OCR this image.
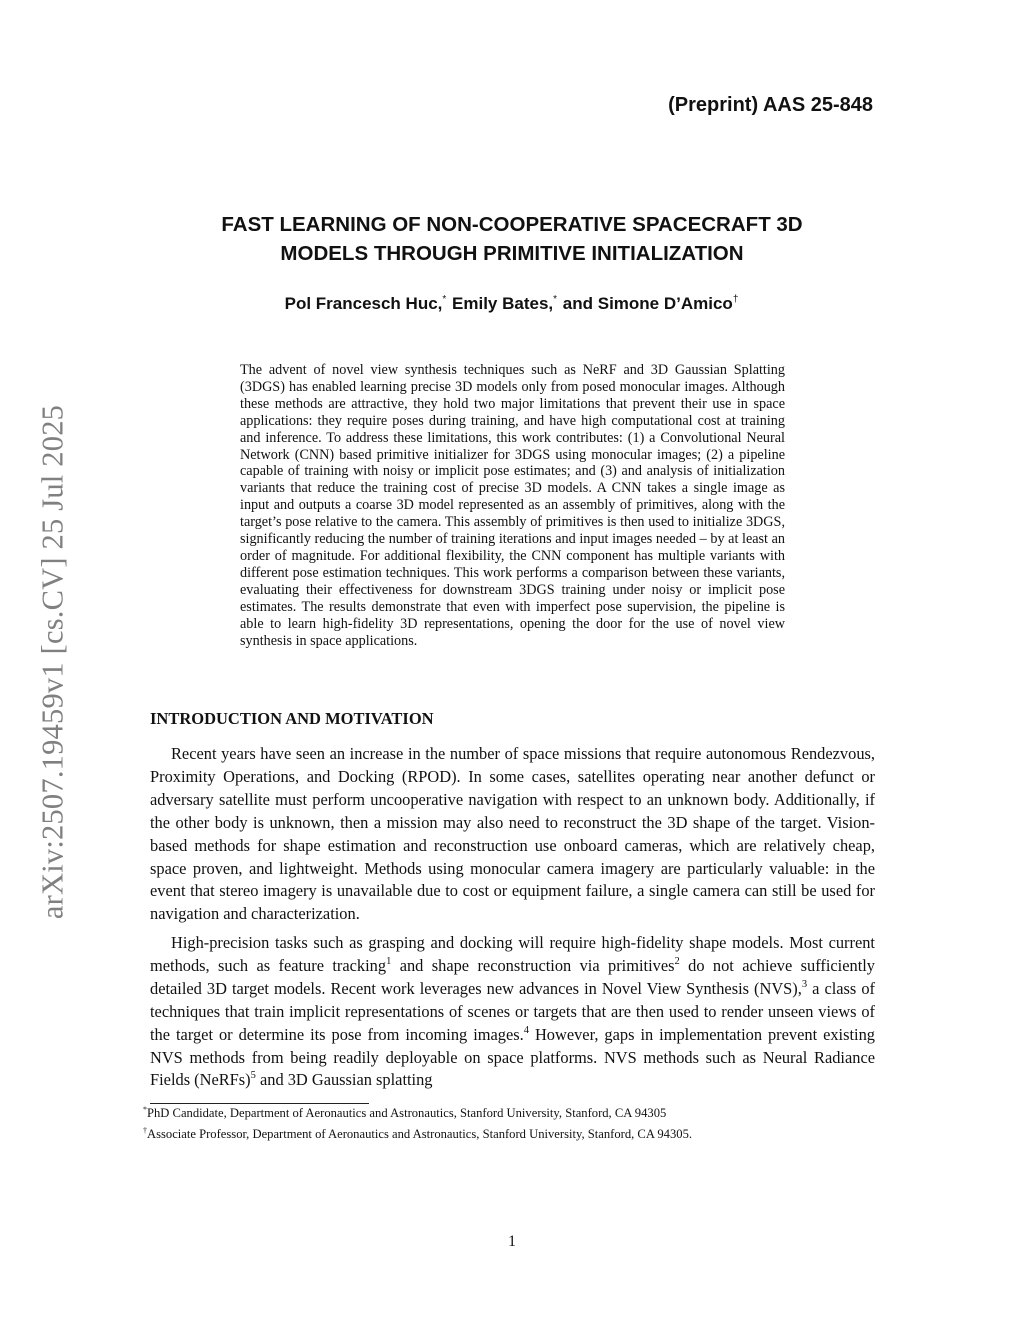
(Preprint) AAS 25-848
arXiv:2507.19459v1 [cs.CV] 25 Jul 2025
FAST LEARNING OF NON-COOPERATIVE SPACECRAFT 3D
MODELS THROUGH PRIMITIVE INITIALIZATION
Pol Francesch Huc,* Emily Bates,* and Simone D’Amico†

The advent of novel view synthesis techniques such as NeRF and 3D Gaussian Splatting (3DGS) has enabled learning precise 3D models only from posed monocular images. Although these methods are attractive, they hold two major limitations that prevent their use in space applications: they require poses during training, and have high computational cost at training and inference. To address these limitations, this work contributes: (1) a Convolutional Neural Network (CNN) based primitive initializer for 3DGS using monocular images; (2) a pipeline capable of training with noisy or implicit pose estimates; and (3) and analysis of initialization variants that reduce the training cost of precise 3D models. A CNN takes a single image as input and outputs a coarse 3D model represented as an assembly of primitives, along with the target’s pose relative to the camera. This assembly of primitives is then used to initialize 3DGS, significantly reducing the number of training iterations and input images needed – by at least an order of magnitude. For additional flexibility, the CNN component has multiple variants with different pose estimation techniques. This work performs a comparison between these variants, evaluating their effectiveness for downstream 3DGS training under noisy or implicit pose estimates. The results demonstrate that even with imperfect pose supervision, the pipeline is able to learn high-fidelity 3D representations, opening the door for the use of novel view synthesis in space applications.

INTRODUCTION AND MOTIVATION

Recent years have seen an increase in the number of space missions that require autonomous Rendezvous, Proximity Operations, and Docking (RPOD). In some cases, satellites operating near another defunct or adversary satellite must perform uncooperative navigation with respect to an unknown body. Additionally, if the other body is unknown, then a mission may also need to reconstruct the 3D shape of the target. Vision-based methods for shape estimation and reconstruction use onboard cameras, which are relatively cheap, space proven, and lightweight. Methods using monocular camera imagery are particularly valuable: in the event that stereo imagery is unavailable due to cost or equipment failure, a single camera can still be used for navigation and characterization.

High-precision tasks such as grasping and docking will require high-fidelity shape models. Most current methods, such as feature tracking$^1$ and shape reconstruction via primitives$^2$ do not achieve sufficiently detailed 3D target models. Recent work leverages new advances in Novel View Synthesis (NVS),$^3$ a class of techniques that train implicit representations of scenes or targets that are then used to render unseen views of the target or determine its pose from incoming images.$^4$ However, gaps in implementation prevent existing NVS methods from being readily deployable on space platforms. NVS methods such as Neural Radiance Fields (NeRFs)$^5$ and 3D Gaussian splatting

*PhD Candidate, Department of Aeronautics and Astronautics, Stanford University, Stanford, CA 94305

†Associate Professor, Department of Aeronautics and Astronautics, Stanford University, Stanford, CA 94305.

1
